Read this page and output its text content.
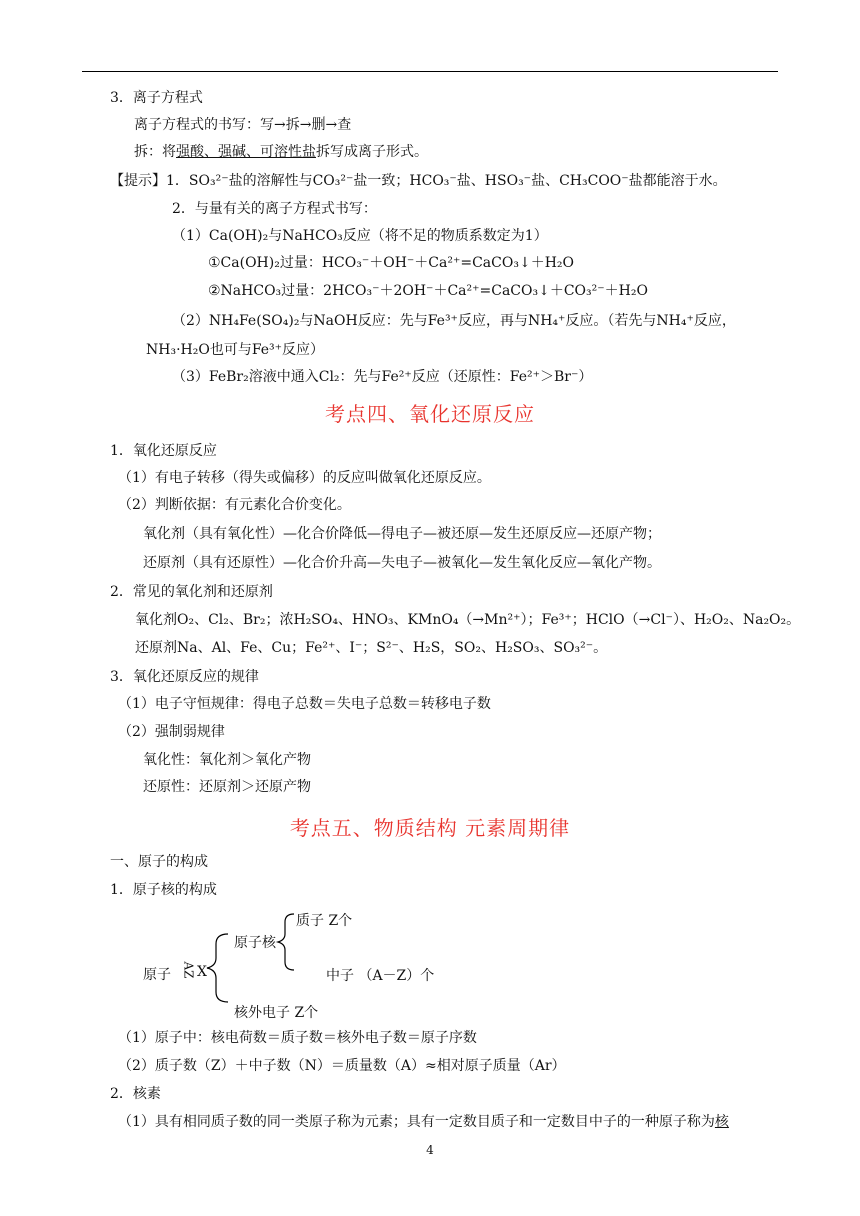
3．离子方程式
离子方程式的书写：写→拆→删→查
拆：将强酸、强碱、可溶性盐拆写成离子形式。
【提示】1．SO₃²⁻盐的溶解性与CO₃²⁻盐一致；HCO₃⁻盐、HSO₃⁻盐、CH₃COO⁻盐都能溶于水。
2．与量有关的离子方程式书写：
（1）Ca(OH)₂与NaHCO₃反应（将不足的物质系数定为1）
①Ca(OH)₂过量：HCO₃⁻＋OH⁻＋Ca²⁺=CaCO₃↓＋H₂O
②NaHCO₃过量：2HCO₃⁻＋2OH⁻＋Ca²⁺=CaCO₃↓＋CO₃²⁻＋H₂O
（2）NH₄Fe(SO₄)₂与NaOH反应：先与Fe³⁺反应，再与NH₄⁺反应。（若先与NH₄⁺反应，
NH₃·H₂O也可与Fe³⁺反应）
（3）FeBr₂溶液中通入Cl₂：先与Fe²⁺反应（还原性：Fe²⁺＞Br⁻）
考点四、氧化还原反应
1．氧化还原反应
（1）有电子转移（得失或偏移）的反应叫做氧化还原反应。
（2）判断依据：有元素化合价变化。
氧化剂（具有氧化性）—化合价降低—得电子—被还原—发生还原反应—还原产物；
还原剂（具有还原性）—化合价升高—失电子—被氧化—发生氧化反应—氧化产物。
2．常见的氧化剂和还原剂
氧化剂O₂、Cl₂、Br₂；浓H₂SO₄、HNO₃、KMnO₄（→Mn²⁺）；Fe³⁺；HClO（→Cl⁻）、H₂O₂、Na₂O₂。
还原剂Na、Al、Fe、Cu；Fe²⁺、I⁻；S²⁻、H₂S，SO₂、H₂SO₃、SO₃²⁻。
3．氧化还原反应的规律
（1）电子守恒规律：得电子总数＝失电子总数＝转移电子数
（2）强制弱规律
氧化性：氧化剂＞氧化产物
还原性：还原剂＞还原产物
考点五、物质结构 元素周期律
一、原子的构成
1．原子核的构成
质子 Z个
原子核
原子 AZ X	中子 （A－Z）个
核外电子 Z个
（1）原子中：核电荷数＝质子数＝核外电子数＝原子序数
（2）质子数（Z）＋中子数（N）＝质量数（A）≈相对原子质量（Ar）
2．核素
（1）具有相同质子数的同一类原子称为元素；具有一定数目质子和一定数目中子的一种原子称为核
4
